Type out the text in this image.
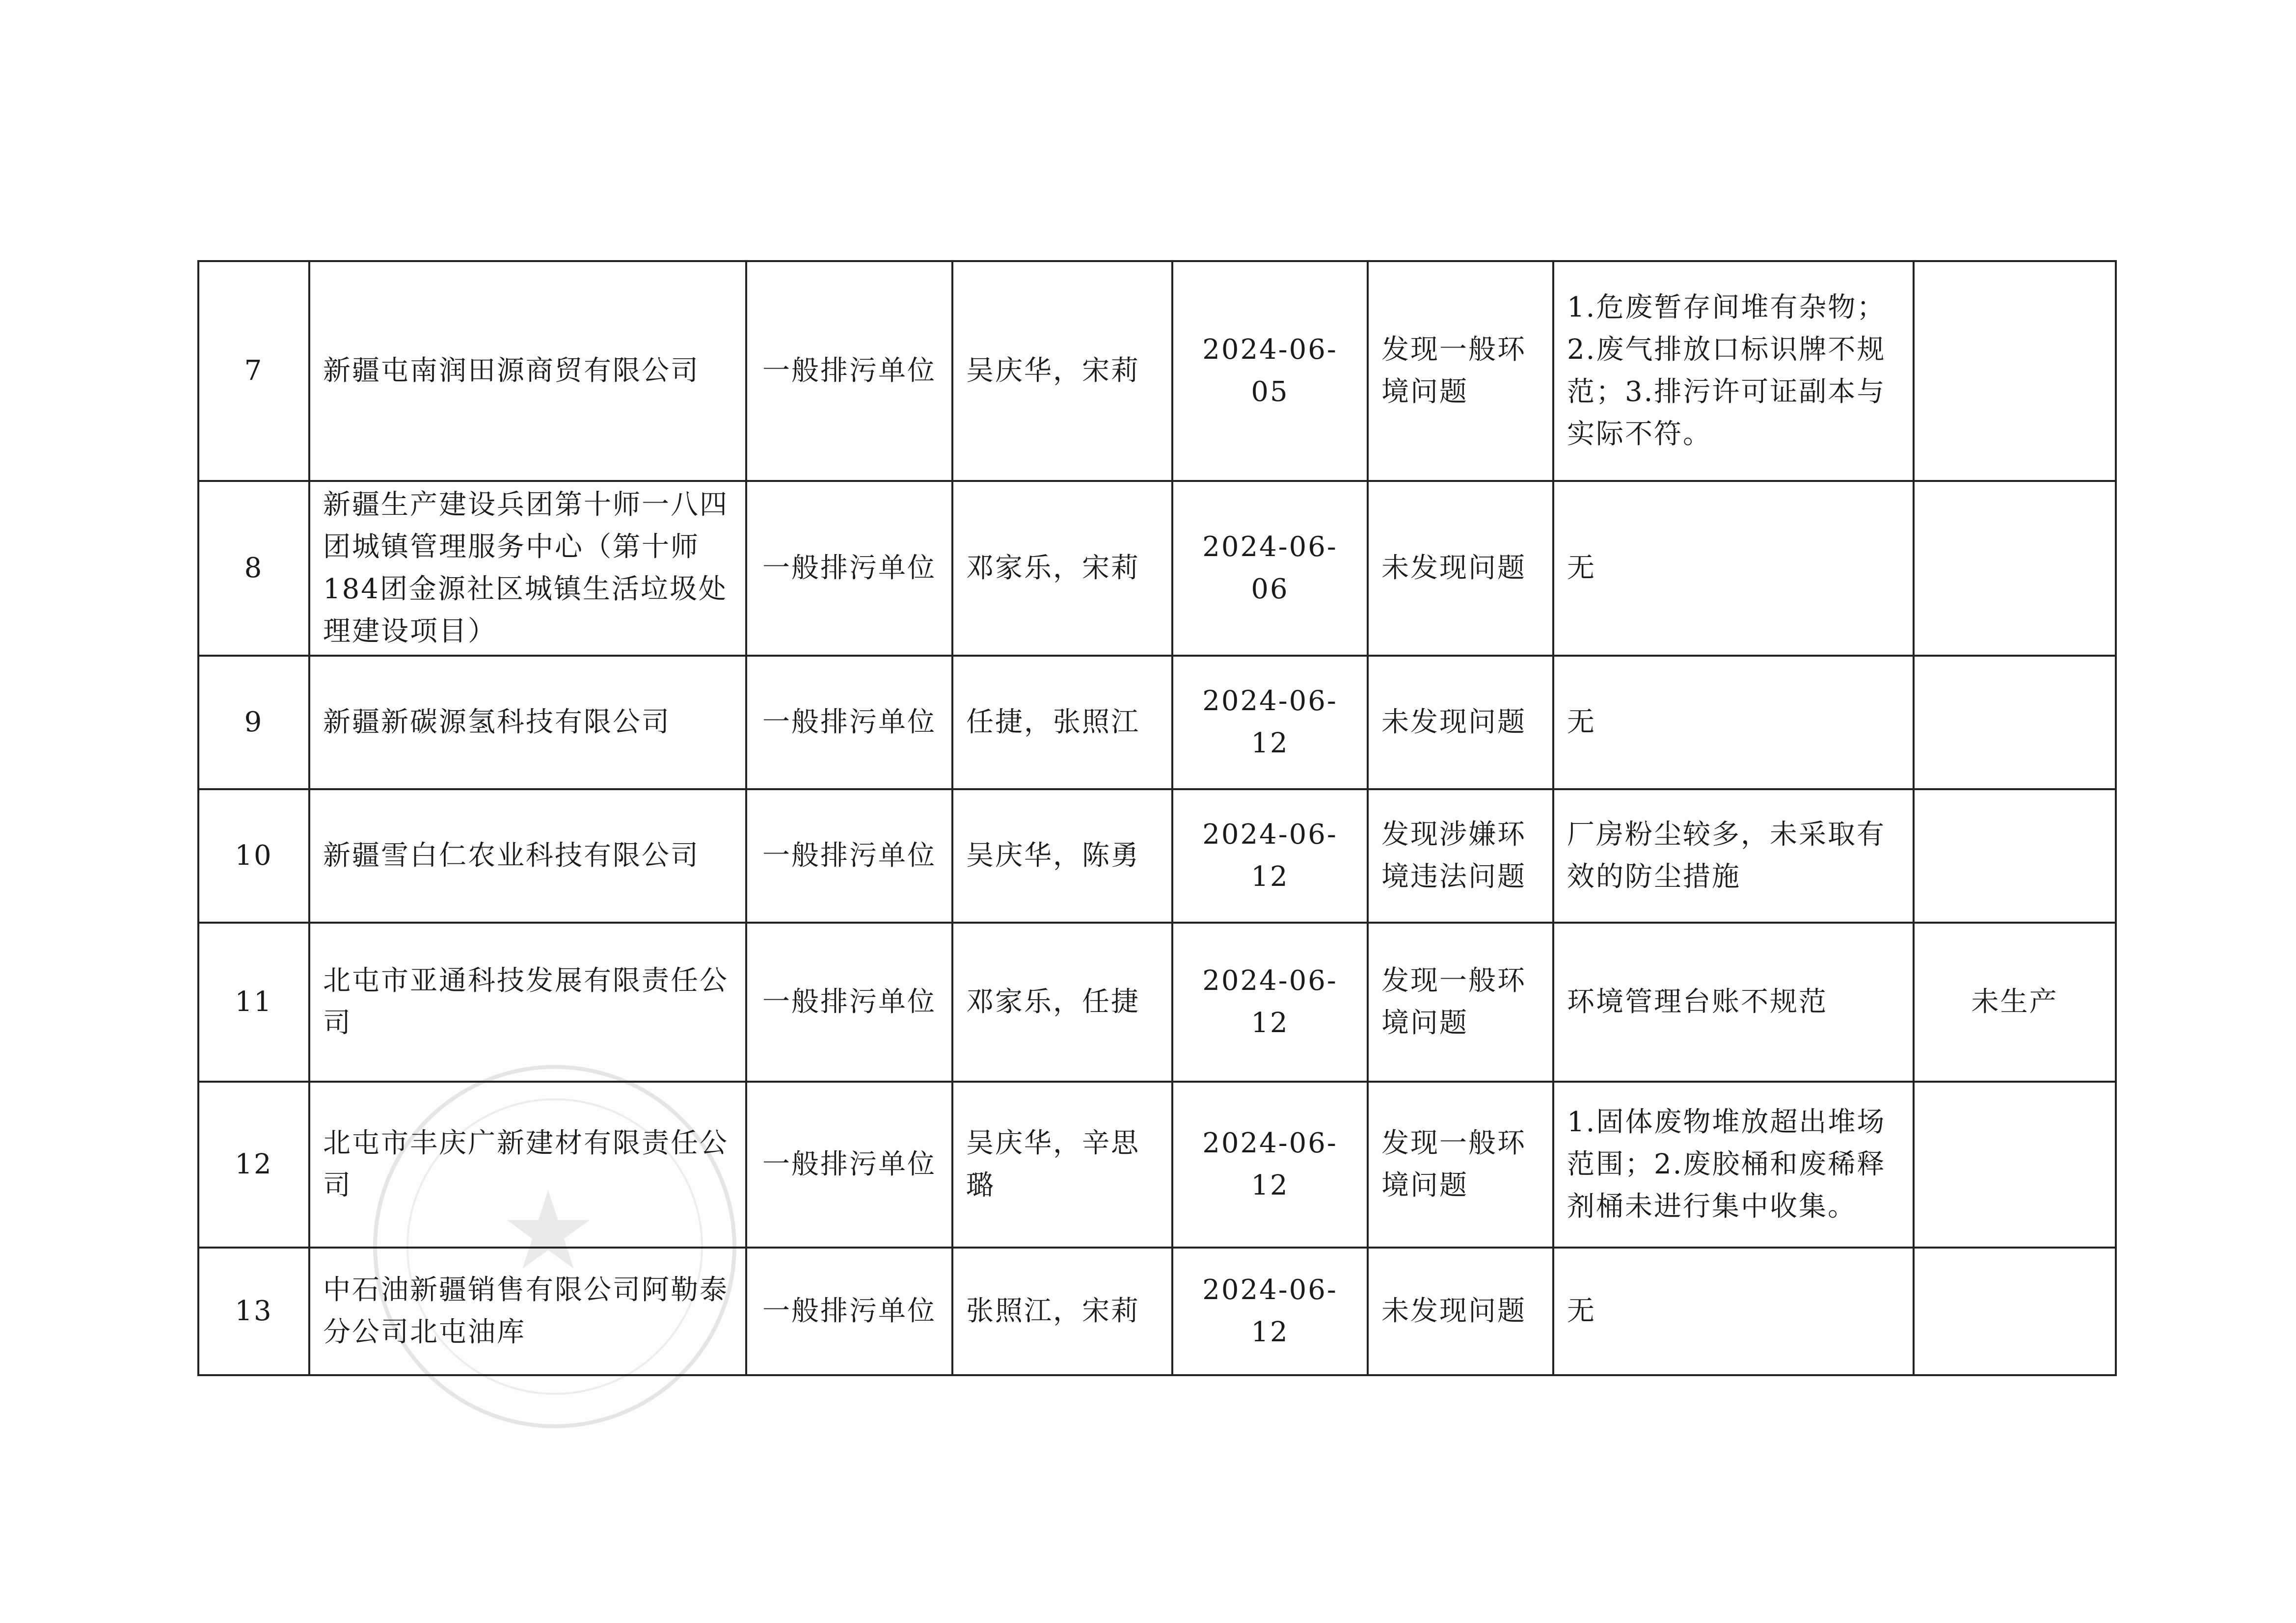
★
7	新疆屯南润田源商贸有限公司	一般排污单位	吴庆华，宋莉	2024-06-05	发现一般环境问题	1.危废暂存间堆有杂物；
2.废气排放口标识牌不规范；3.排污许可证副本与实际不符。	

8	新疆生产建设兵团第十师一八四团城镇管理服务中心（第十师184团金源社区城镇生活垃圾处理建设项目）	一般排污单位	邓家乐，宋莉	2024-06-06	未发现问题	无	

9	新疆新碳源氢科技有限公司	一般排污单位	任捷，张照江	2024-06-12	未发现问题	无	

10	新疆雪白仁农业科技有限公司	一般排污单位	吴庆华，陈勇	2024-06-12	发现涉嫌环境违法问题	厂房粉尘较多，未采取有效的防尘措施	

11	北屯市亚通科技发展有限责任公司	一般排污单位	邓家乐，任捷	2024-06-12	发现一般环境问题	环境管理台账不规范	未生产
12	北屯市丰庆广新建材有限责任公司	一般排污单位	吴庆华，辛思璐	2024-06-12	发现一般环境问题	1.固体废物堆放超出堆场范围；2.废胶桶和废稀释剂桶未进行集中收集。	

13	中石油新疆销售有限公司阿勒泰分公司北屯油库	一般排污单位	张照江，宋莉	2024-06-12	未发现问题	无	
